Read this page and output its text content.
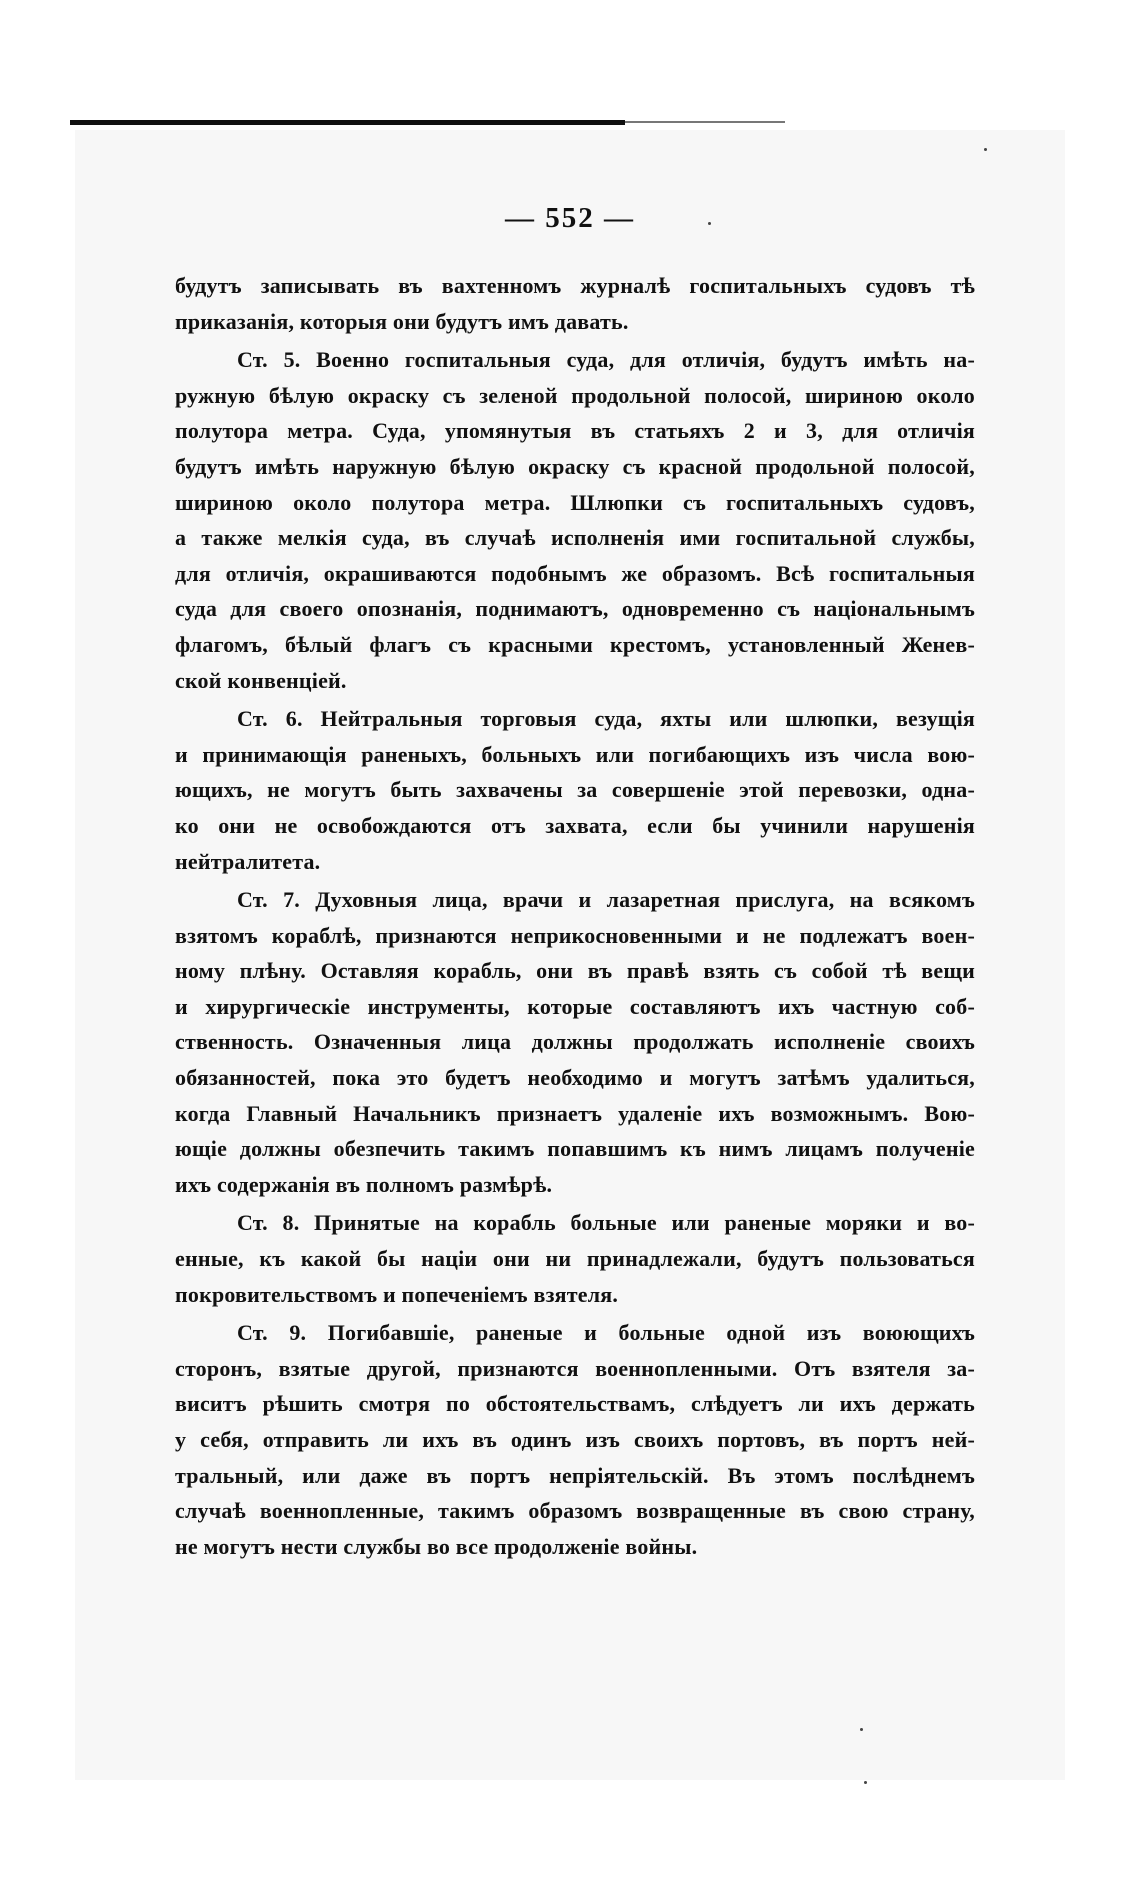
— 552 —
будутъ записывать въ вахтенномъ журналѣ госпитальныхъ судовъ тѣ
приказанія, которыя они будутъ имъ давать.
Ст. 5. Военно госпитальныя суда, для отличія, будутъ имѣть на-
ружную бѣлую окраску съ зеленой продольной полосой, шириною около
полутора метра. Суда, упомянутыя въ статьяхъ 2 и 3, для отличія
будутъ имѣть наружную бѣлую окраску съ красной продольной полосой,
шириною около полутора метра. Шлюпки съ госпитальныхъ судовъ,
а также мелкія суда, въ случаѣ исполненія ими госпитальной службы,
для отличія, окрашиваются подобнымъ же образомъ. Всѣ госпитальныя
суда для своего опознанія, поднимаютъ, одновременно съ національнымъ
флагомъ, бѣлый флагъ съ красными крестомъ, установленный Женев-
ской конвенціей.
Ст. 6. Нейтральныя торговыя суда, яхты или шлюпки, везущія
и принимающія раненыхъ, больныхъ или погибающихъ изъ числа вою-
ющихъ, не могутъ быть захвачены за совершеніе этой перевозки, одна-
ко они не освобождаются отъ захвата, если бы учинили нарушенія
нейтралитета.
Ст. 7. Духовныя лица, врачи и лазаретная прислуга, на всякомъ
взятомъ кораблѣ, признаются неприкосновенными и не подлежатъ воен-
ному плѣну. Оставляя корабль, они въ правѣ взять съ собой тѣ вещи
и хирургическіе инструменты, которые составляютъ ихъ частную соб-
ственность. Означенныя лица должны продолжать исполненіе своихъ
обязанностей, пока это будетъ необходимо и могутъ затѣмъ удалиться,
когда Главный Начальникъ признаетъ удаленіе ихъ возможнымъ. Вою-
ющіе должны обезпечить такимъ попавшимъ къ нимъ лицамъ полученіе
ихъ содержанія въ полномъ размѣрѣ.
Ст. 8. Принятые на корабль больные или раненые моряки и во-
енные, къ какой бы націи они ни принадлежали, будутъ пользоваться
покровительствомъ и попеченіемъ взятеля.
Ст. 9. Погибавшіе, раненые и больные одной изъ воюющихъ
сторонъ, взятые другой, признаются военнопленными. Отъ взятеля за-
виситъ рѣшить смотря по обстоятельствамъ, слѣдуетъ ли ихъ держать
у себя, отправить ли ихъ въ одинъ изъ своихъ портовъ, въ портъ ней-
тральный, или даже въ портъ непріятельскій. Въ этомъ послѣднемъ
случаѣ военнопленные, такимъ образомъ возвращенные въ свою страну,
не могутъ нести службы во все продолженіе войны.
